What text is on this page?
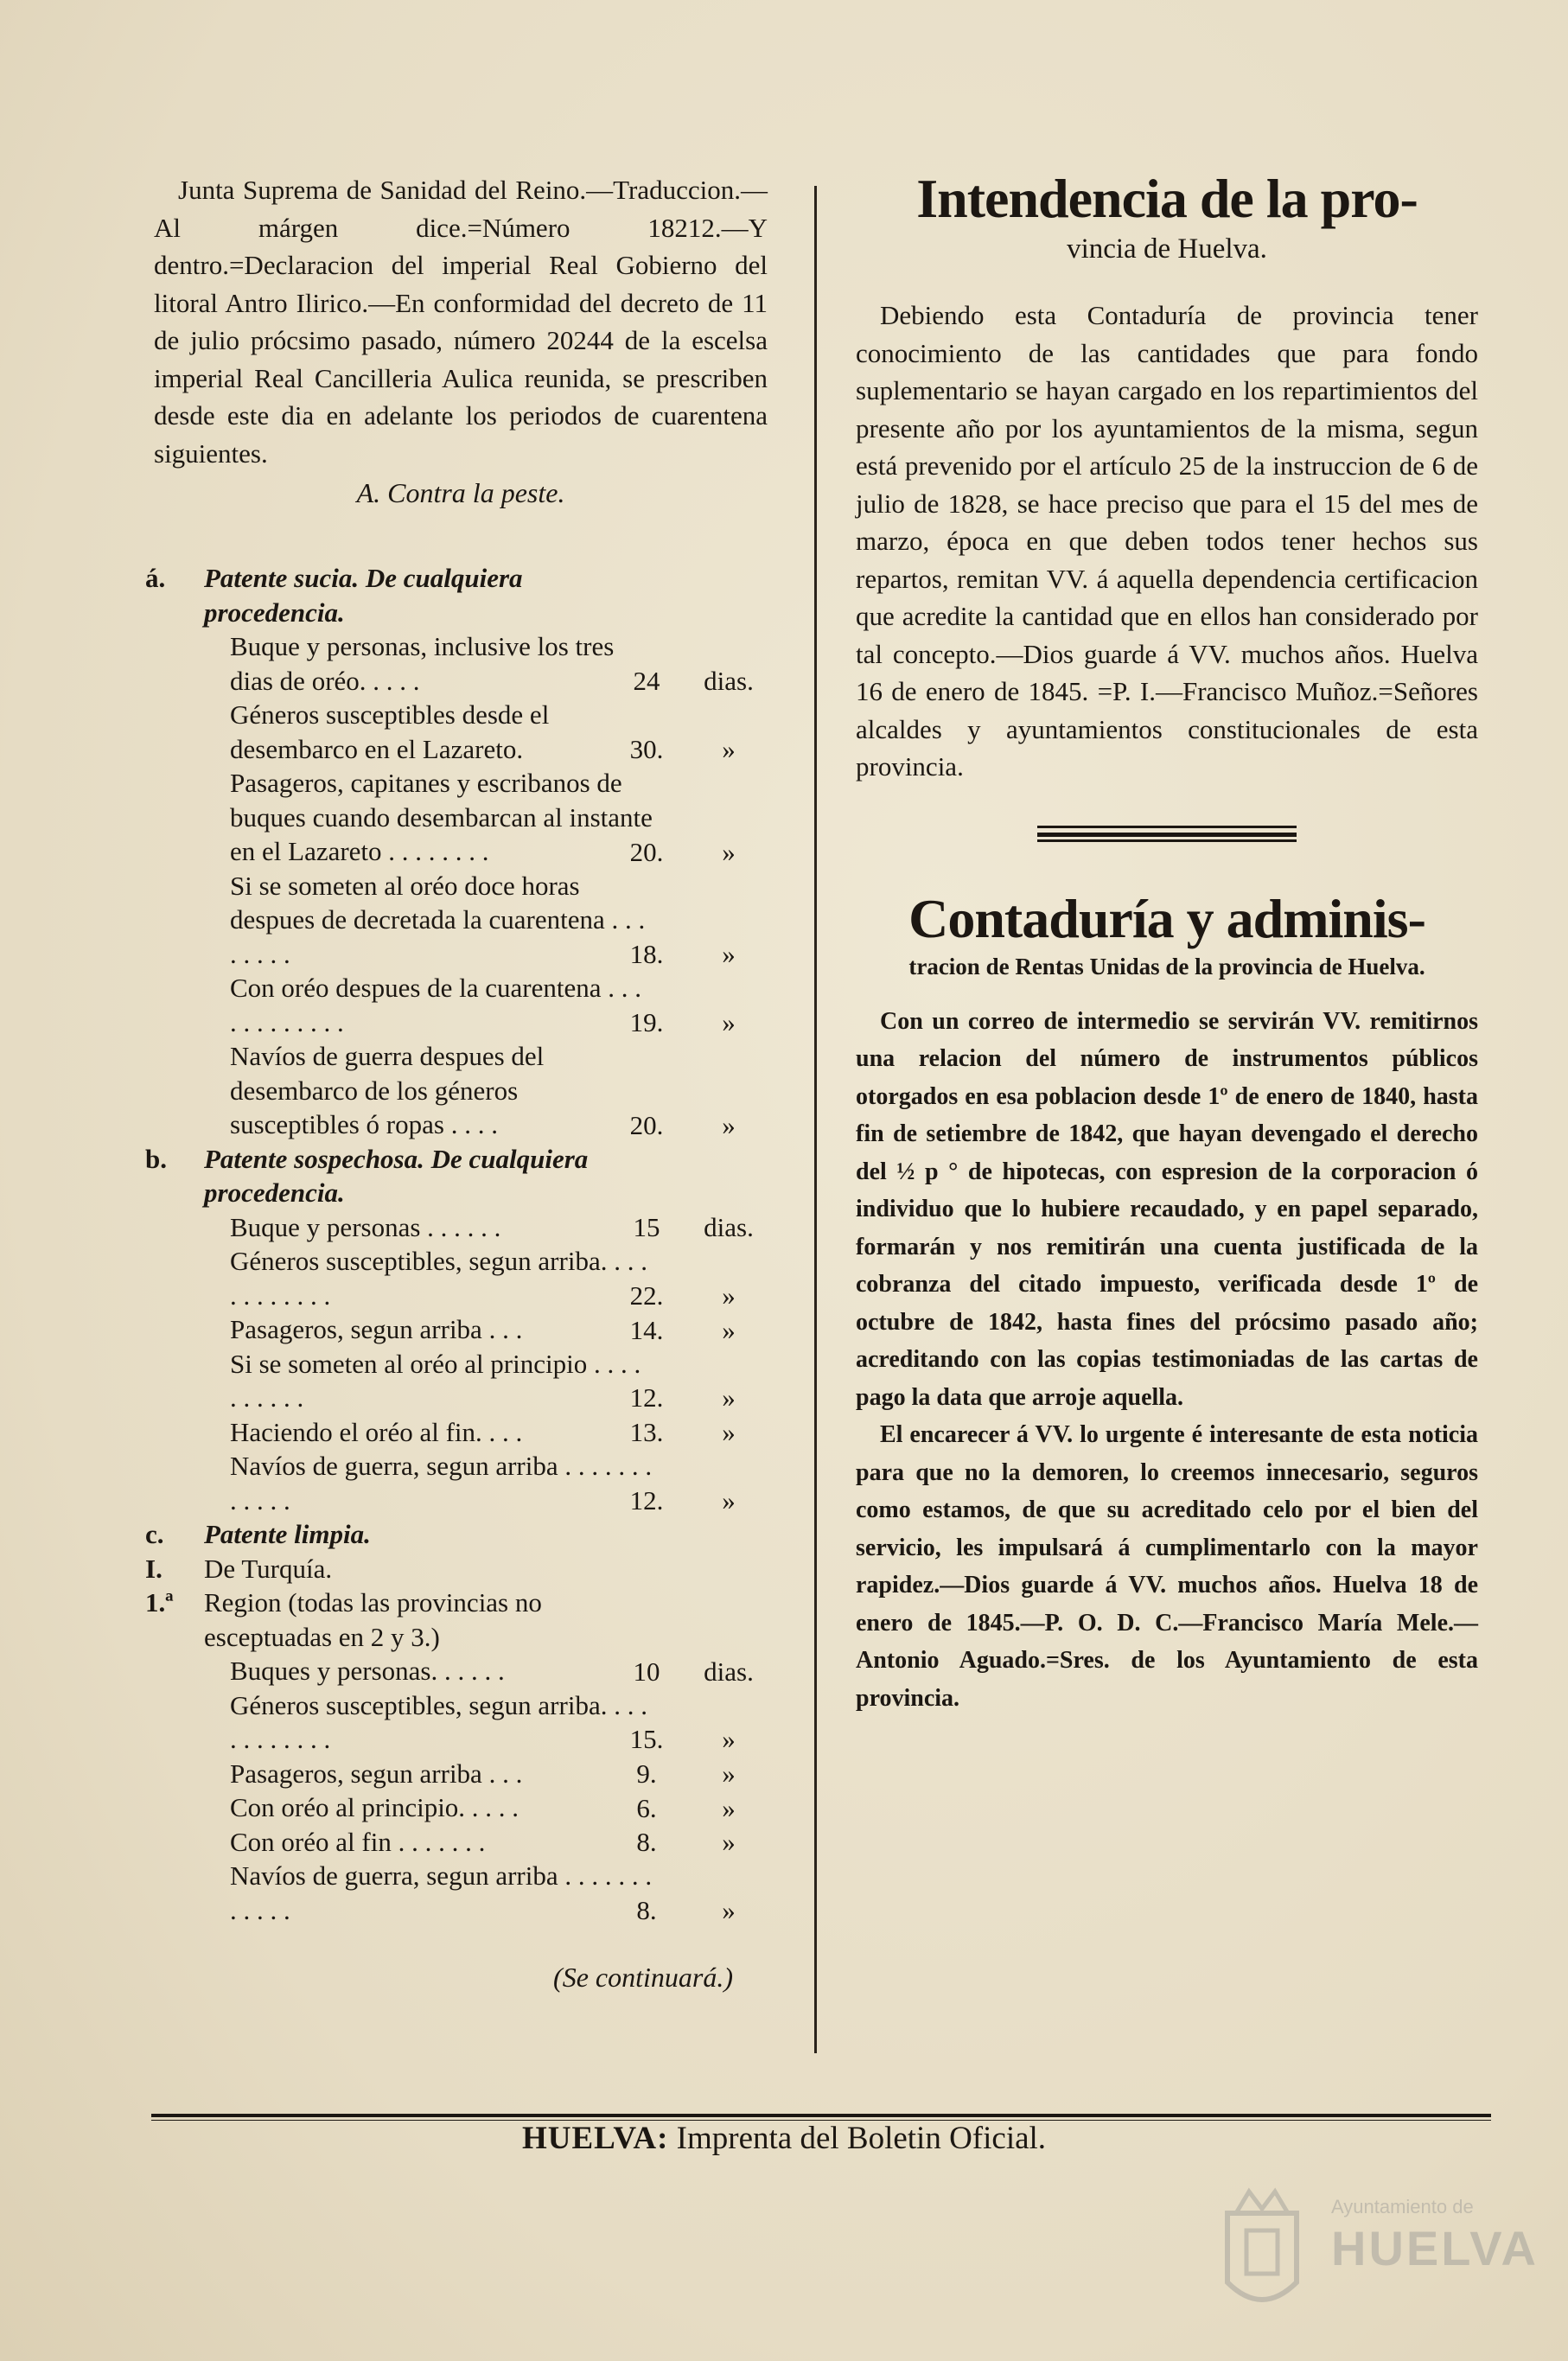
Junta Suprema de Sanidad del Reino.—Traduccion.—Al márgen dice.=Número 18212.—Y dentro.=Declaracion del imperial Real Gobierno del litoral Antro Ilirico.—En conformidad del decreto de 11 de julio prócsimo pasado, número 20244 de la escelsa imperial Real Cancilleria Aulica reunida, se prescriben desde este dia en adelante los periodos de cuarentena siguientes.

A. Contra la peste.

á.	Patente sucia. De cualquiera procedencia.
Buque y personas, inclusive los tres dias de oréo. . . . .	24	dias.
Géneros susceptibles desde el desembarco en el Lazareto.	30.	»
Pasageros, capitanes y escribanos de buques cuando desembarcan al instante en el Lazareto . . . . . . . .	20.	»
Si se someten al oréo doce horas despues de decretada la cuarentena . . . . . . . .	18.	»
Con oréo despues de la cuarentena . . . . . . . . . . . .	19.	»
Navíos de guerra despues del desembarco de los géneros susceptibles ó ropas . . . .	20.	»
b.	Patente sospechosa. De cualquiera procedencia.
Buque y personas . . . . . .	15	dias.
Géneros susceptibles, segun arriba. . . . . . . . . . . .	22.	»
Pasageros, segun arriba . . .	14.	»
Si se someten al oréo al principio . . . . . . . . . .	12.	»
Haciendo el oréo al fin. . . .	13.	»
Navíos de guerra, segun arriba . . . . . . . . . . . .	12.	»
c.	Patente limpia.
I.	De Turquía.
1.ª	Region (todas las provincias no esceptuadas en 2 y 3.)
Buques y personas. . . . . .	10	dias.
Géneros susceptibles, segun arriba. . . . . . . . . . . .	15.	»
Pasageros, segun arriba . . .	9.	»
Con oréo al principio. . . . .	6.	»
Con oréo al fin . . . . . . .	8.	»
Navíos de guerra, segun arriba . . . . . . . . . . . .	8.	»
(Se continuará.)
Intendencia de la pro-

vincia de Huelva.

Debiendo esta Contaduría de provincia tener conocimiento de las cantidades que para fondo suplementario se hayan cargado en los repartimientos del presente año por los ayuntamientos de la misma, segun está prevenido por el artículo 25 de la instruccion de 6 de julio de 1828, se hace preciso que para el 15 del mes de marzo, época en que deben todos tener hechos sus repartos, remitan VV. á aquella dependencia certificacion que acredite la cantidad que en ellos han considerado por tal concepto.—Dios guarde á VV. muchos años. Huelva 16 de enero de 1845. =P. I.—Francisco Muñoz.=Señores alcaldes y ayuntamientos constitucionales de esta provincia.

Contaduría y adminis-

tracion de Rentas Unidas de la provincia de Huelva.

Con un correo de intermedio se servirán VV. remitirnos una relacion del número de instrumentos públicos otorgados en esa poblacion desde 1º de enero de 1840, hasta fin de setiembre de 1842, que hayan devengado el derecho del ½ p ° de hipotecas, con espresion de la corporacion ó individuo que lo hubiere recaudado, y en papel separado, formarán y nos remitirán una cuenta justificada de la cobranza del citado impuesto, verificada desde 1º de octubre de 1842, hasta fines del prócsimo pasado año; acreditando con las copias testimoniadas de las cartas de pago la data que arroje aquella.

El encarecer á VV. lo urgente é interesante de esta noticia para que no la demoren, lo creemos innecesario, seguros como estamos, de que su acreditado celo por el bien del servicio, les impulsará á cumplimentarlo con la mayor rapidez.—Dios guarde á VV. muchos años. Huelva 18 de enero de 1845.—P. O. D. C.—Francisco María Mele.—Antonio Aguado.=Sres. de los Ayuntamiento de esta provincia.

HUELVA: Imprenta del Boletin Oficial.
Ayuntamiento de
HUELVA
